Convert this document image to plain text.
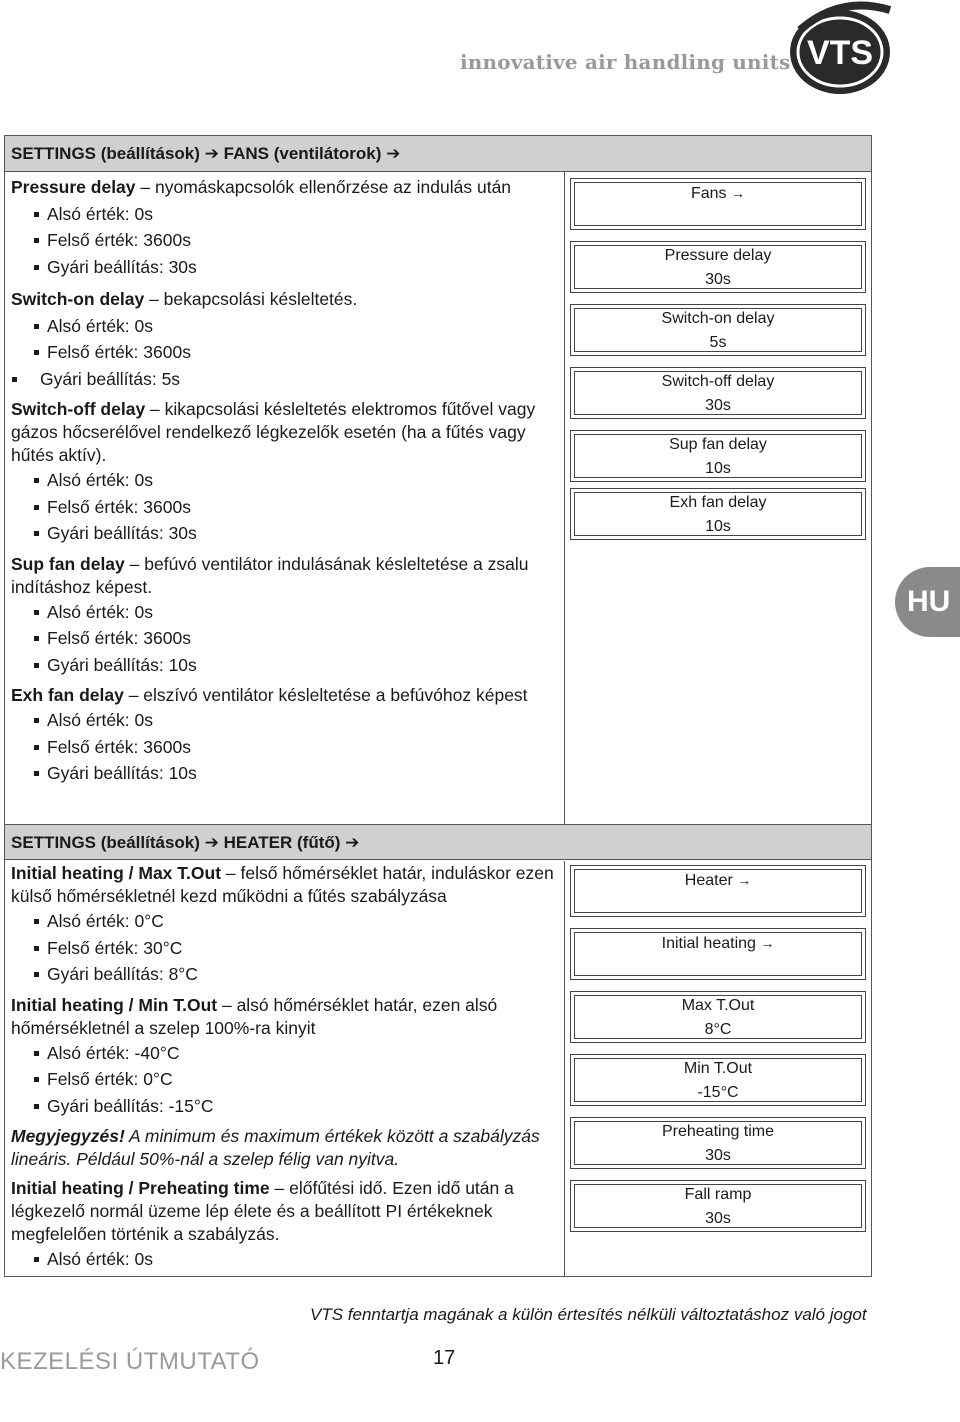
innovative air handling units VTS
SETTINGS (beállítások) ➔ FANS (ventilátorok) ➔

Pressure delay – nyomáskapcsolók ellenőrzése az indulás után

Alsó érték: 0s

Felső érték: 3600s

Gyári beállítás: 30s

Switch-on delay – bekapcsolási késleltetés.

Alsó érték: 0s

Felső érték: 3600s

Gyári beállítás: 5s

Switch-off delay – kikapcsolási késleltetés elektromos fűtővel vagy gázos hőcserélővel rendelkező légkezelők esetén (ha a fűtés vagy hűtés aktív).

Alsó érték: 0s

Felső érték: 3600s

Gyári beállítás: 30s

Sup fan delay – befúvó ventilátor indulásának késleltetése a zsalu indításhoz képest.

Alsó érték: 0s

Felső érték: 3600s

Gyári beállítás: 10s

Exh fan delay – elszívó ventilátor késleltetése a befúvóhoz képest

Alsó érték: 0s

Felső érték: 3600s

Gyári beállítás: 10s

SETTINGS (beállítások) ➔ HEATER (fűtő) ➔

Initial heating / Max T.Out – felső hőmérséklet határ, induláskor ezen külső hőmérsékletnél kezd működni a fűtés szabályzása

Alsó érték: 0°C

Felső érték: 30°C

Gyári beállítás: 8°C

Initial heating / Min T.Out – alsó hőmérséklet határ, ezen alsó hőmérsékletnél a szelep 100%-ra kinyit

Alsó érték: -40°C

Felső érték: 0°C

Gyári beállítás: -15°C

Megyjegyzés! A minimum és maximum értékek között a szabályzás lineáris. Például 50%-nál a szelep félig van nyitva.

Initial heating / Preheating time – előfűtési idő. Ezen idő után a légkezelő normál üzeme lép élete és a beállított PI értékeknek megfelelően történik a szabályzás.

Alsó érték: 0s

Fans →
Pressure delay
30s
Switch-on delay
5s
Switch-off delay
30s
Sup fan delay
10s
Exh fan delay
10s
Heater →
Initial heating →
Max T.Out
8°C
Min T.Out
-15°C
Preheating time
30s
Fall ramp
30s
HU
VTS fenntartja magának a külön értesítés nélküli változtatáshoz való jogot
KEZELÉSI ÚTMUTATÓ	17
